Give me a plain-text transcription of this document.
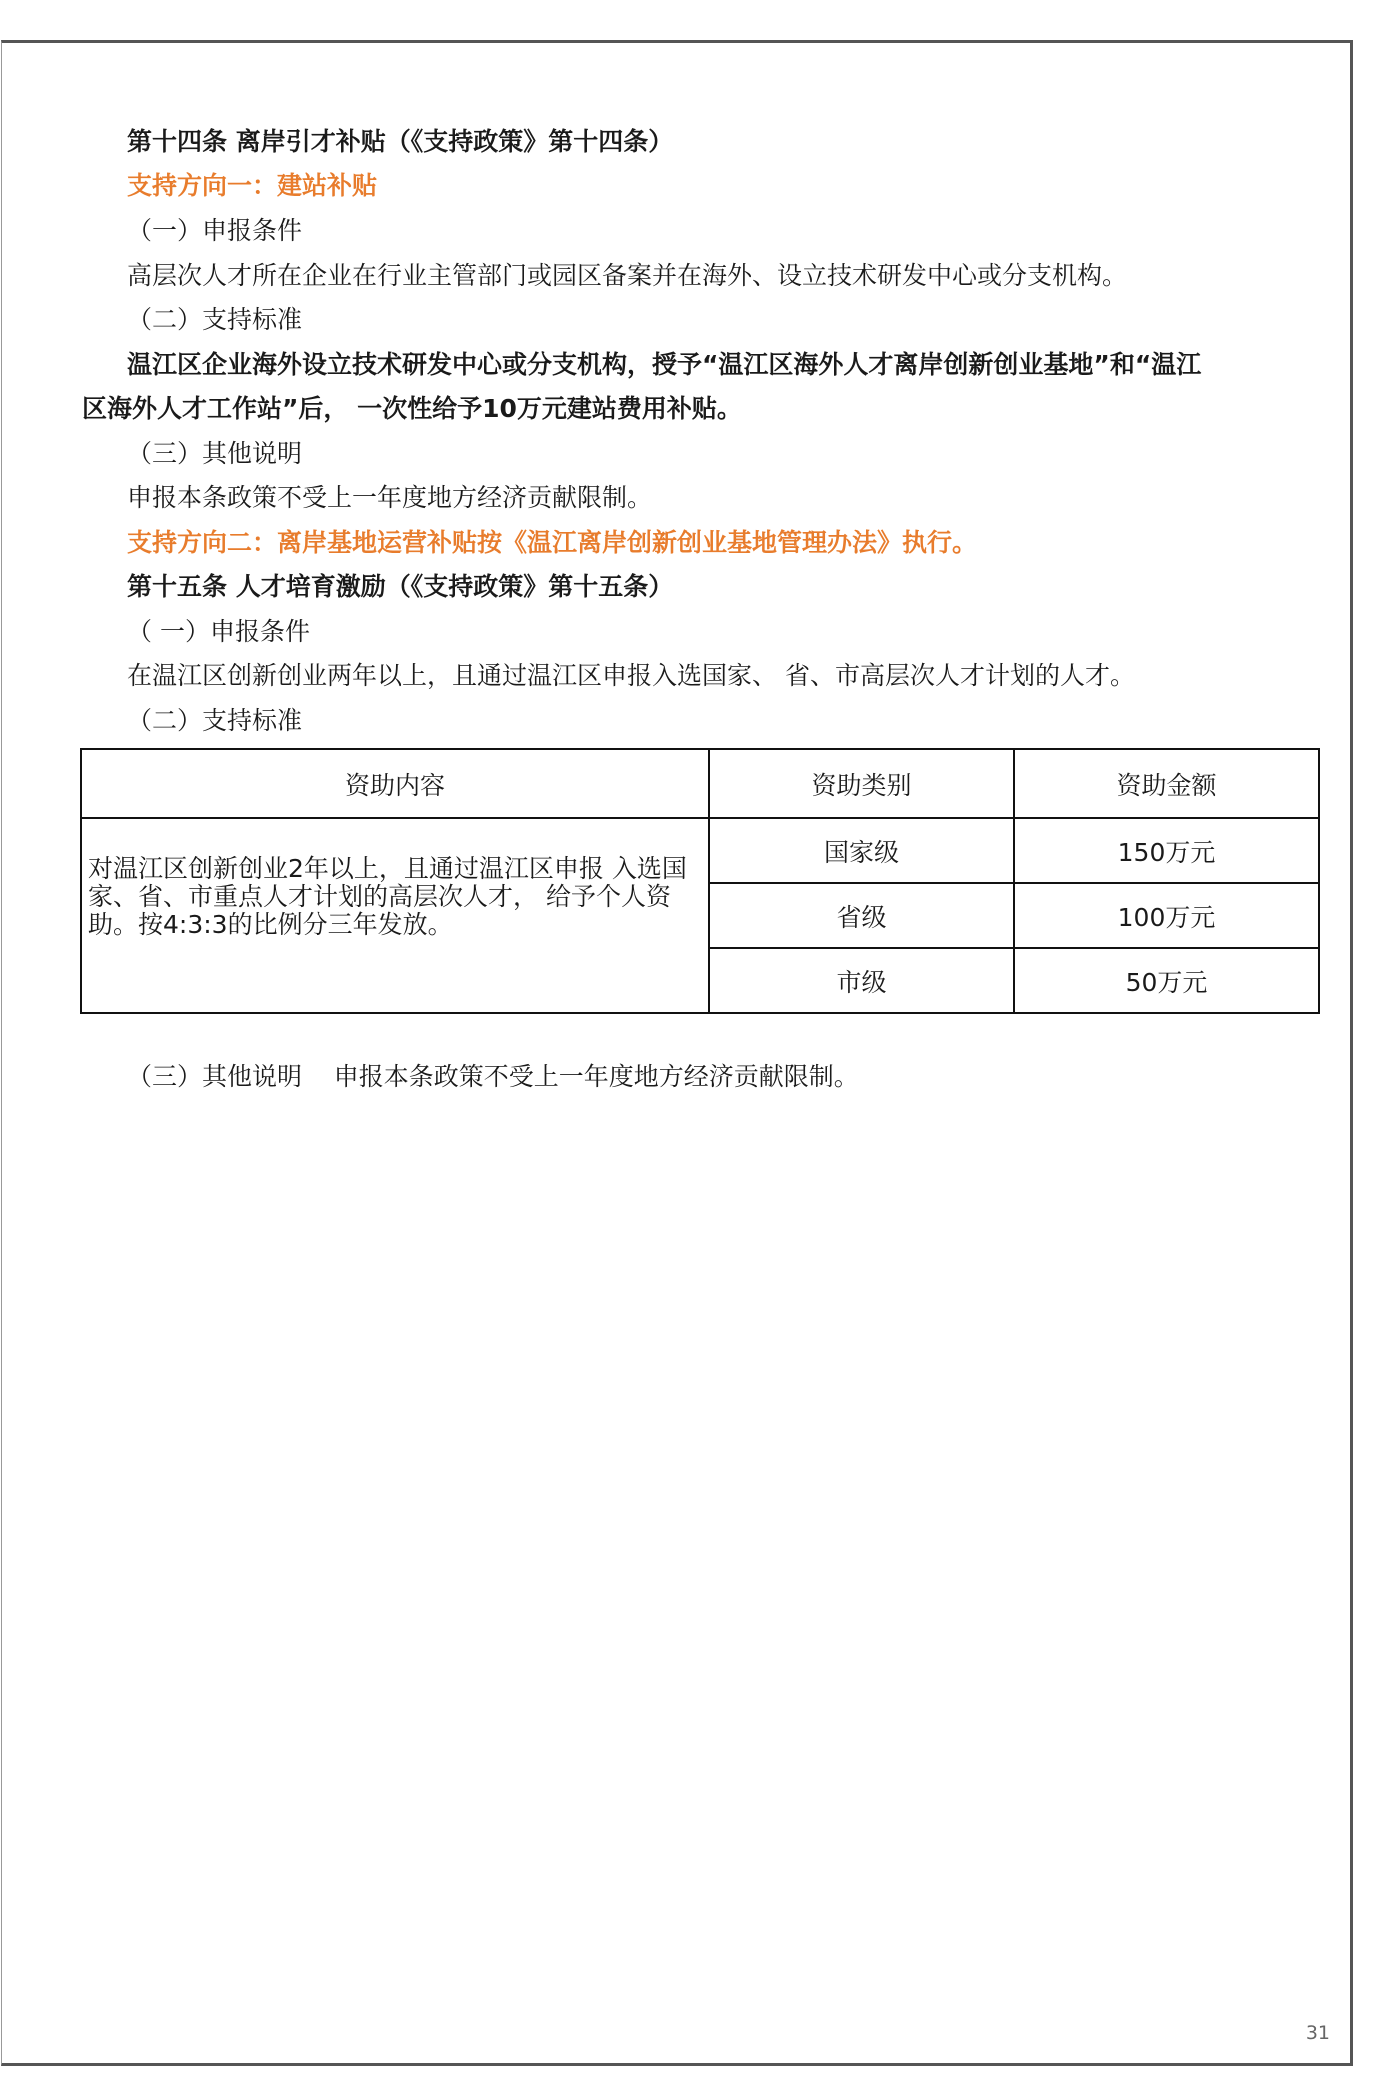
第十四条 离岸引才补贴（《支持政策》第十四条）
支持方向一：建站补贴
（一）申报条件
高层次人才所在企业在行业主管部门或园区备案并在海外、设立技术研发中心或分支机构。
（二）支持标准
温江区企业海外设立技术研发中心或分支机构，授予“温江区海外人才离岸创新创业基地”和“温江
区海外人才工作站”后， 一次性给予10万元建站费用补贴。
（三）其他说明
申报本条政策不受上一年度地方经济贡献限制。
支持方向二：离岸基地运营补贴按《温江离岸创新创业基地管理办法》执行。
第十五条 人才培育激励（《支持政策》第十五条）
（ 一）申报条件
在温江区创新创业两年以上，且通过温江区申报入选国家、 省、市高层次人才计划的人才。
（二）支持标准
资助内容	资助类别	资助金额
对温江区创新创业2年以上，且通过温江区申报 入选国家、省、市重点人才计划的高层次人才， 给予个人资助。按4:3:3的比例分三年发放。	国家级	150万元
	省级	100万元
	市级	50万元
（三）其他说明    申报本条政策不受上一年度地方经济贡献限制。
31
